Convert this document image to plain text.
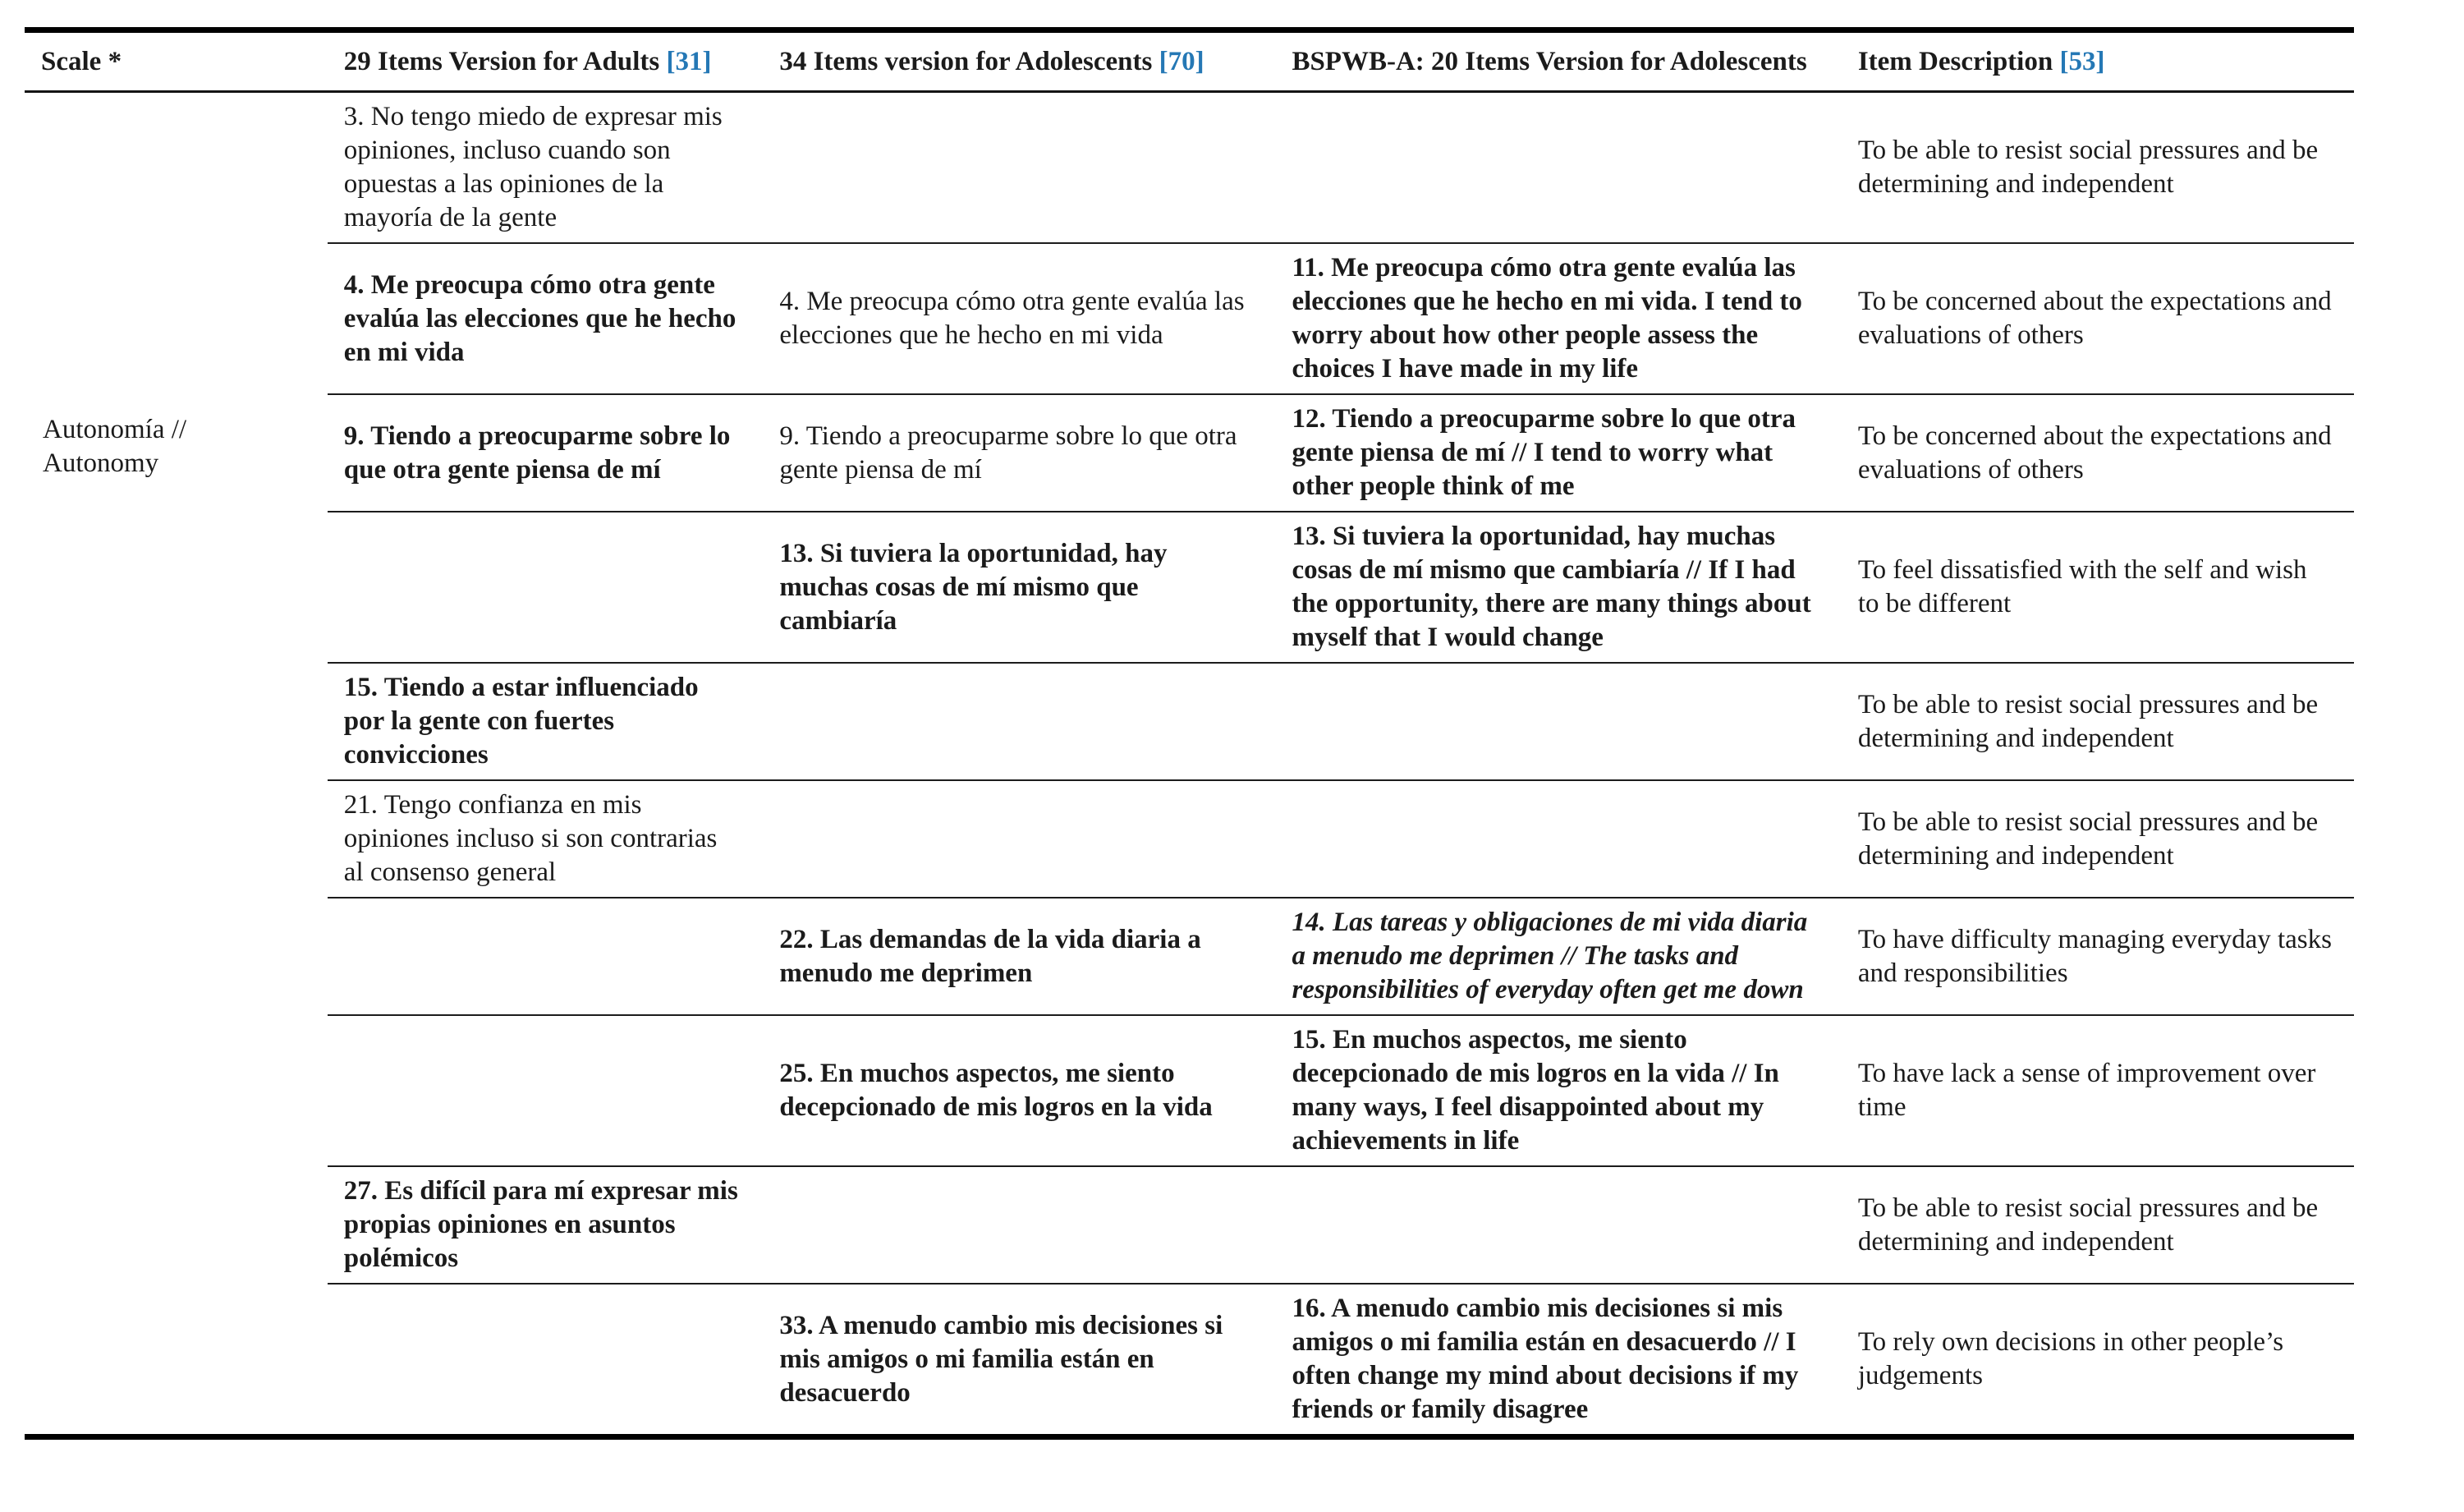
Scale *	29 Items Version for Adults [31]	34 Items version for Adolescents [70]	BSPWB-A: 20 Items Version for Adolescents	Item Description [53]
Autonomía //
Autonomy	3. No tengo miedo de expresar mis opiniones, incluso cuando son opuestas a las opiniones de la mayoría de la gente			To be able to resist social pressures and be determining and independent
	4. Me preocupa cómo otra gente evalúa las elecciones que he hecho en mi vida	4. Me preocupa cómo otra gente evalúa las elecciones que he hecho en mi vida	11. Me preocupa cómo otra gente evalúa las elecciones que he hecho en mi vida. I tend to worry about how other people assess the choices I have made in my life	To be concerned about the expectations and evaluations of others
	9. Tiendo a preocuparme sobre lo que otra gente piensa de mí	9. Tiendo a preocuparme sobre lo que otra gente piensa de mí	12. Tiendo a preocuparme sobre lo que otra gente piensa de mí // I tend to worry what other people think of me	To be concerned about the expectations and evaluations of others
		13. Si tuviera la oportunidad, hay muchas cosas de mí mismo que cambiaría	13. Si tuviera la oportunidad, hay muchas cosas de mí mismo que cambiaría // If I had the opportunity, there are many things about myself that I would change	To feel dissatisfied with the self and wish to be different
	15. Tiendo a estar influenciado por la gente con fuertes convicciones			To be able to resist social pressures and be determining and independent
	21. Tengo confianza en mis opiniones incluso si son contrarias al consenso general			To be able to resist social pressures and be determining and independent
		22. Las demandas de la vida diaria a menudo me deprimen	14. Las tareas y obligaciones de mi vida diaria a menudo me deprimen // The tasks and responsibilities of everyday often get me down	To have difficulty managing everyday tasks and responsibilities
		25. En muchos aspectos, me siento decepcionado de mis logros en la vida	15. En muchos aspectos, me siento decepcionado de mis logros en la vida // In many ways, I feel disappointed about my achievements in life	To have lack a sense of improvement over time
	27. Es difícil para mí expresar mis propias opiniones en asuntos polémicos			To be able to resist social pressures and be determining and independent
		33. A menudo cambio mis decisiones si mis amigos o mi familia están en desacuerdo	16. A menudo cambio mis decisiones si mis amigos o mi familia están en desacuerdo // I often change my mind about decisions if my friends or family disagree	To rely own decisions in other people’s judgements
